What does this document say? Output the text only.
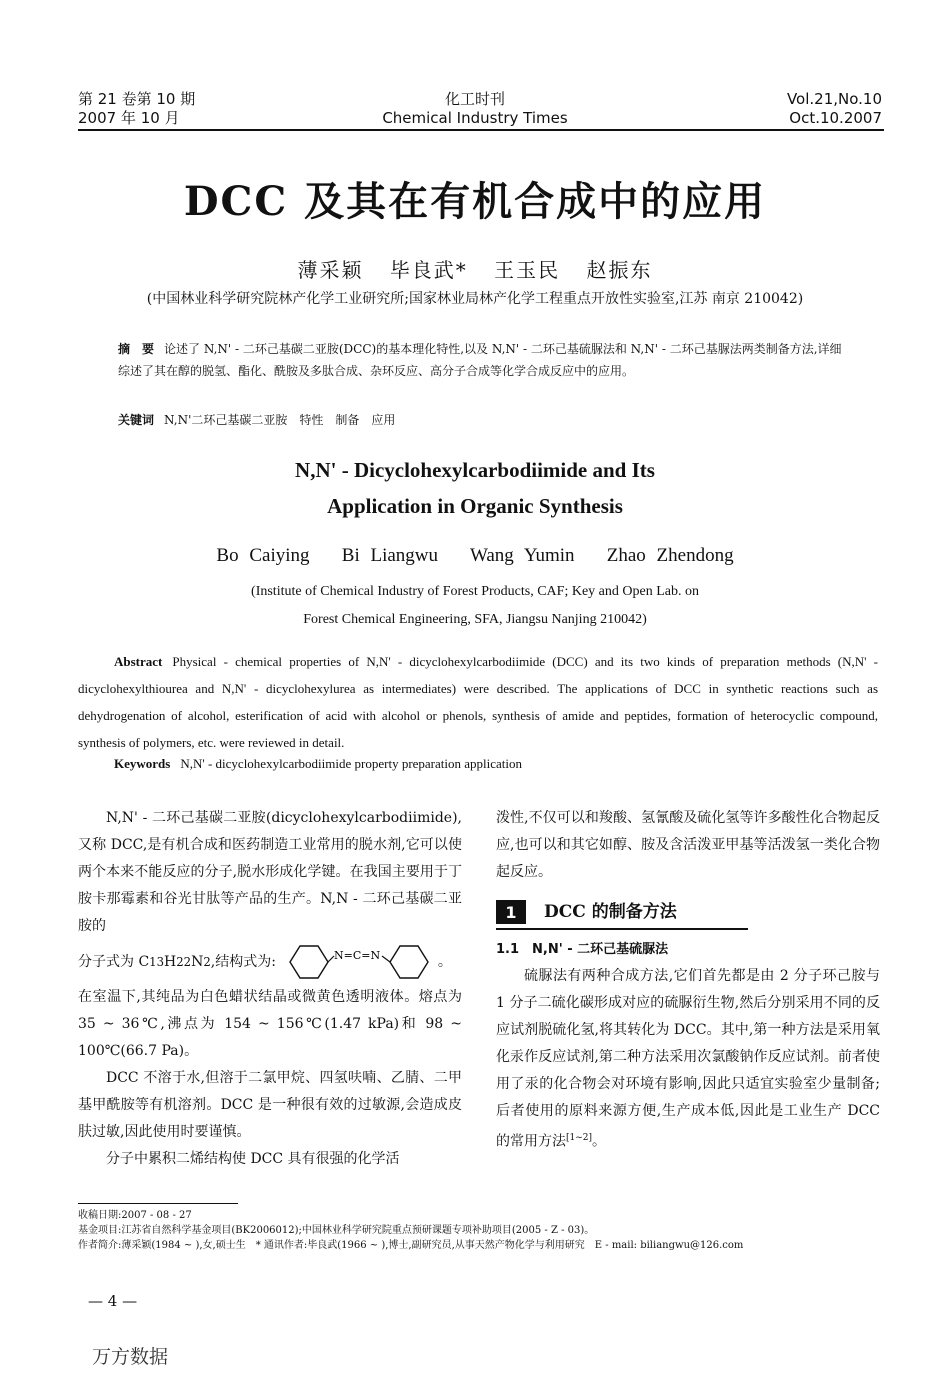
第 21 卷第 10 期
2007 年 10 月
化工时刊
Chemical Industry Times
Vol.21,No.10
Oct.10.2007
DCC 及其在有机合成中的应用
薄采颖 毕良武* 王玉民 赵振东
(中国林业科学研究院林产化学工业研究所;国家林业局林产化学工程重点开放性实验室,江苏 南京 210042)
摘　要 论述了 N,N' - 二环己基碳二亚胺(DCC)的基本理化特性,以及 N,N' - 二环己基硫脲法和 N,N' - 二环己基脲法两类制备方法,详细综述了其在醇的脱氢、酯化、酰胺及多肽合成、杂环反应、高分子合成等化学合成反应中的应用。
关键词 N,N'二环己基碳二亚胺　特性　制备　应用
N,N' - Dicyclohexylcarbodiimide and Its
Application in Organic Synthesis
Bo Caiying Bi Liangwu Wang Yumin Zhao Zhendong
(Institute of Chemical Industry of Forest Products, CAF; Key and Open Lab. on
Forest Chemical Engineering, SFA, Jiangsu Nanjing 210042)
Abstract Physical - chemical properties of N,N' - dicyclohexylcarbodiimide (DCC) and its two kinds of preparation methods (N,N' - dicyclohexylthiourea and N,N' - dicyclohexylurea as intermediates) were described. The applications of DCC in synthetic reactions such as dehydrogenation of alcohol, esterification of acid with alcohol or phenols, synthesis of amide and peptides, formation of heterocyclic compound, synthesis of polymers, etc. were reviewed in detail.
Keywords N,N' - dicyclohexylcarbodiimide property preparation application

N,N' - 二环己基碳二亚胺(dicyclohexylcarbodiimide),又称 DCC,是有机合成和医药制造工业常用的脱水剂,它可以使两个本来不能反应的分子,脱水形成化学键。在我国主要用于丁胺卡那霉素和谷光甘肽等产品的生产。N,N - 二环己基碳二亚胺的

分子式为 C 13 H 22 N 2 ,结构式为:	N=C=N	。

在室温下,其纯品为白色蜡状结晶或微黄色透明液体。熔点为 35 ~ 36℃,沸点为 154 ~ 156℃(1.47 kPa)和 98 ~ 100℃(66.7 Pa)。

DCC 不溶于水,但溶于二氯甲烷、四氢呋喃、乙腈、二甲基甲酰胺等有机溶剂。DCC 是一种很有效的过敏源,会造成皮肤过敏,因此使用时要谨慎。

分子中累积二烯结构使 DCC 具有很强的化学活

泼性,不仅可以和羧酸、氢氰酸及硫化氢等许多酸性化合物起反应,也可以和其它如醇、胺及含活泼亚甲基等活泼氢一类化合物起反应。

1	DCC 的制备方法
1.1　N,N' - 二环己基硫脲法

硫脲法有两种合成方法,它们首先都是由 2 分子环己胺与 1 分子二硫化碳形成对应的硫脲衍生物,然后分别采用不同的反应试剂脱硫化氢,将其转化为 DCC。其中,第一种方法是采用氧化汞作反应试剂,第二种方法采用次氯酸钠作反应试剂。前者使用了汞的化合物会对环境有影响,因此只适宜实验室少量制备;后者使用的原料来源方便,生产成本低,因此是工业生产 DCC 的常用方法[1~2]。

收稿日期:2007 - 08 - 27
基金项目:江苏省自然科学基金项目(BK2006012);中国林业科学研究院重点预研课题专项补助项目(2005 - Z - 03)。
作者简介:薄采颖(1984 ~ ),女,硕士生　* 通讯作者:毕良武(1966 ~ ),博士,副研究员,从事天然产物化学与利用研究　E - mail: biliangwu@126.com
— 4 —
万方数据
